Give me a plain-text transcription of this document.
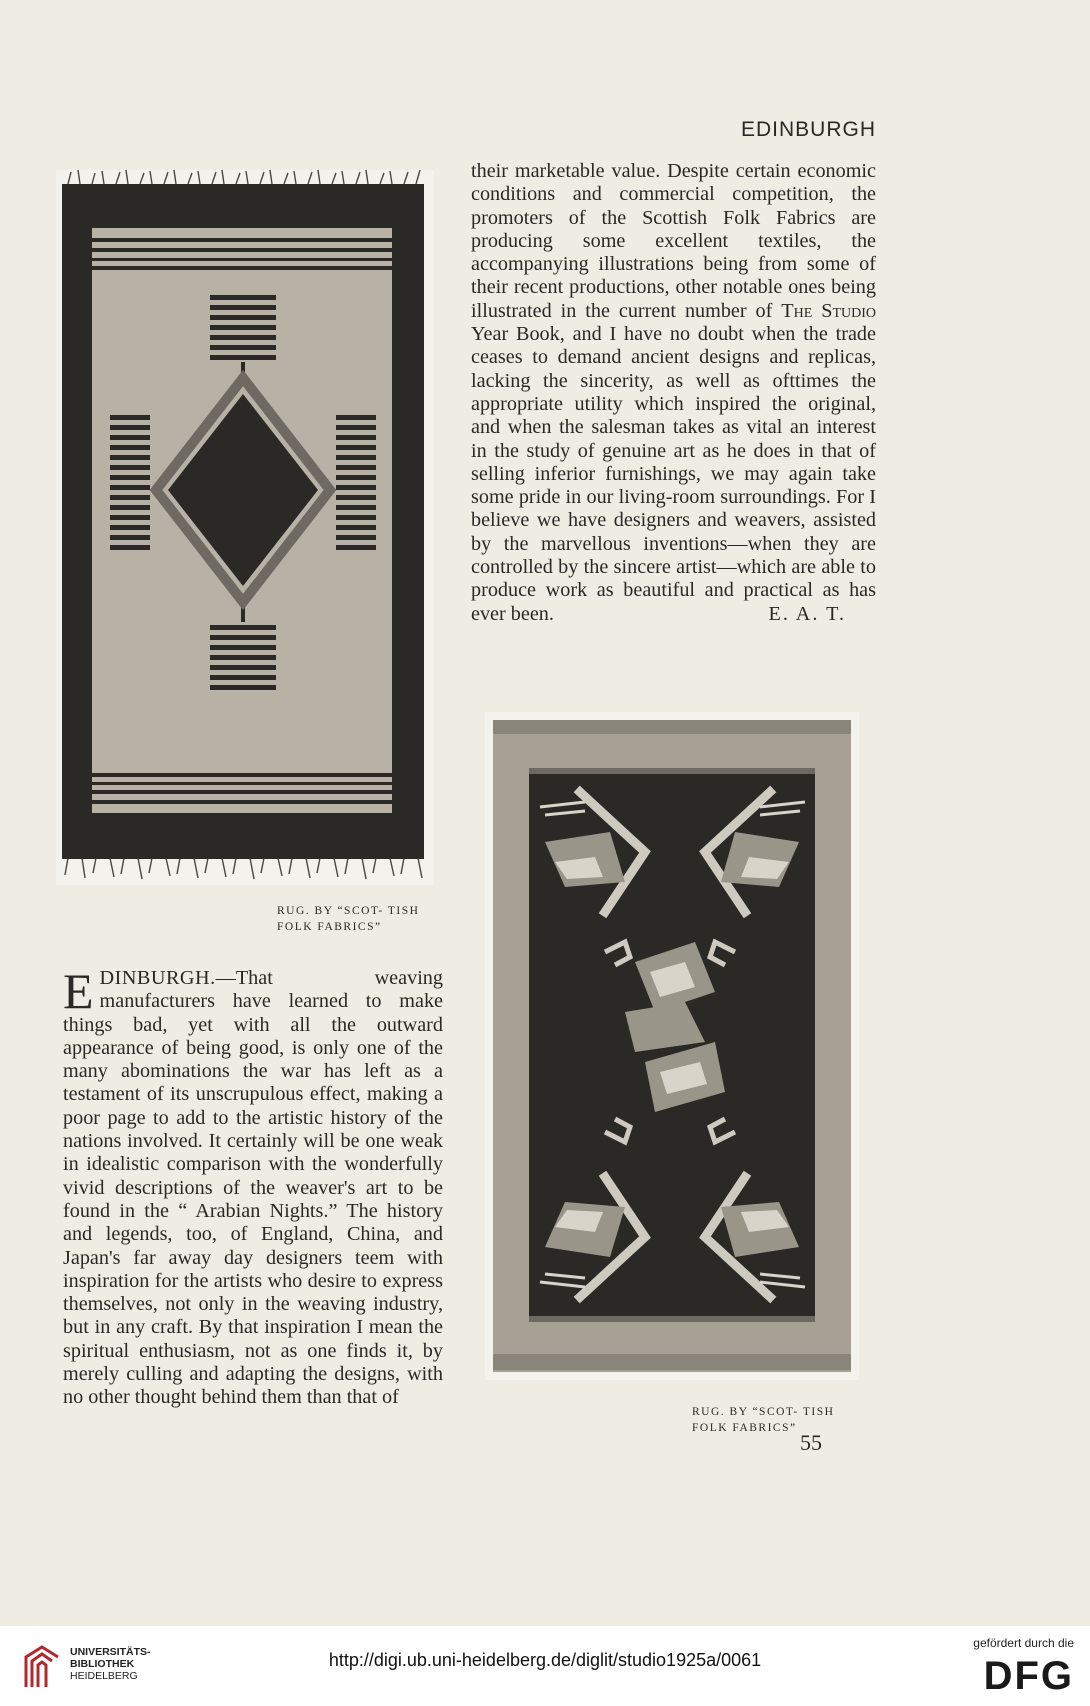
EDINBURGH
RUG. BY “SCOT- TISH FOLK FABRICS”

their marketable value. Despite certain economic conditions and commercial competition, the promoters of the Scottish Folk Fabrics are producing some excellent textiles, the accompanying illustrations being from some of their recent productions, other notable ones being illustrated in the current number of The Studio Year Book, and I have no doubt when the trade ceases to demand ancient designs and replicas, lacking the sincerity, as well as ofttimes the appropriate utility which inspired the original, and when the salesman takes as vital an interest in the study of genuine art as he does in that of selling inferior furnishings, we may again take some pride in our living-room surroundings. For I believe we have designers and weavers, assisted by the marvellous inventions—when they are controlled by the sincere artist—which are able to produce work as beautiful and practical as has ever been.	E. A. T.

EDINBURGH.—That weaving manufacturers have learned to make things bad, yet with all the outward appearance of being good, is only one of the many abominations the war has left as a testament of its unscrupulous effect, making a poor page to add to the artistic history of the nations involved. It certainly will be one weak in idealistic comparison with the wonderfully vivid descriptions of the weaver's art to be found in the “ Arabian Nights.” The history and legends, too, of England, China, and Japan's far away day designers teem with inspiration for the artists who desire to express themselves, not only in the weaving industry, but in any craft. By that inspiration I mean the spiritual enthusiasm, not as one finds it, by merely culling and adapting the designs, with no other thought behind them than that of

RUG. BY “SCOT- TISH FOLK FABRICS”
55
UNIVERSITÄTS-
BIBLIOTHEK
HEIDELBERG
http://digi.ub.uni-heidelberg.de/diglit/studio1925a/0061
gefördert durch die
DFG
